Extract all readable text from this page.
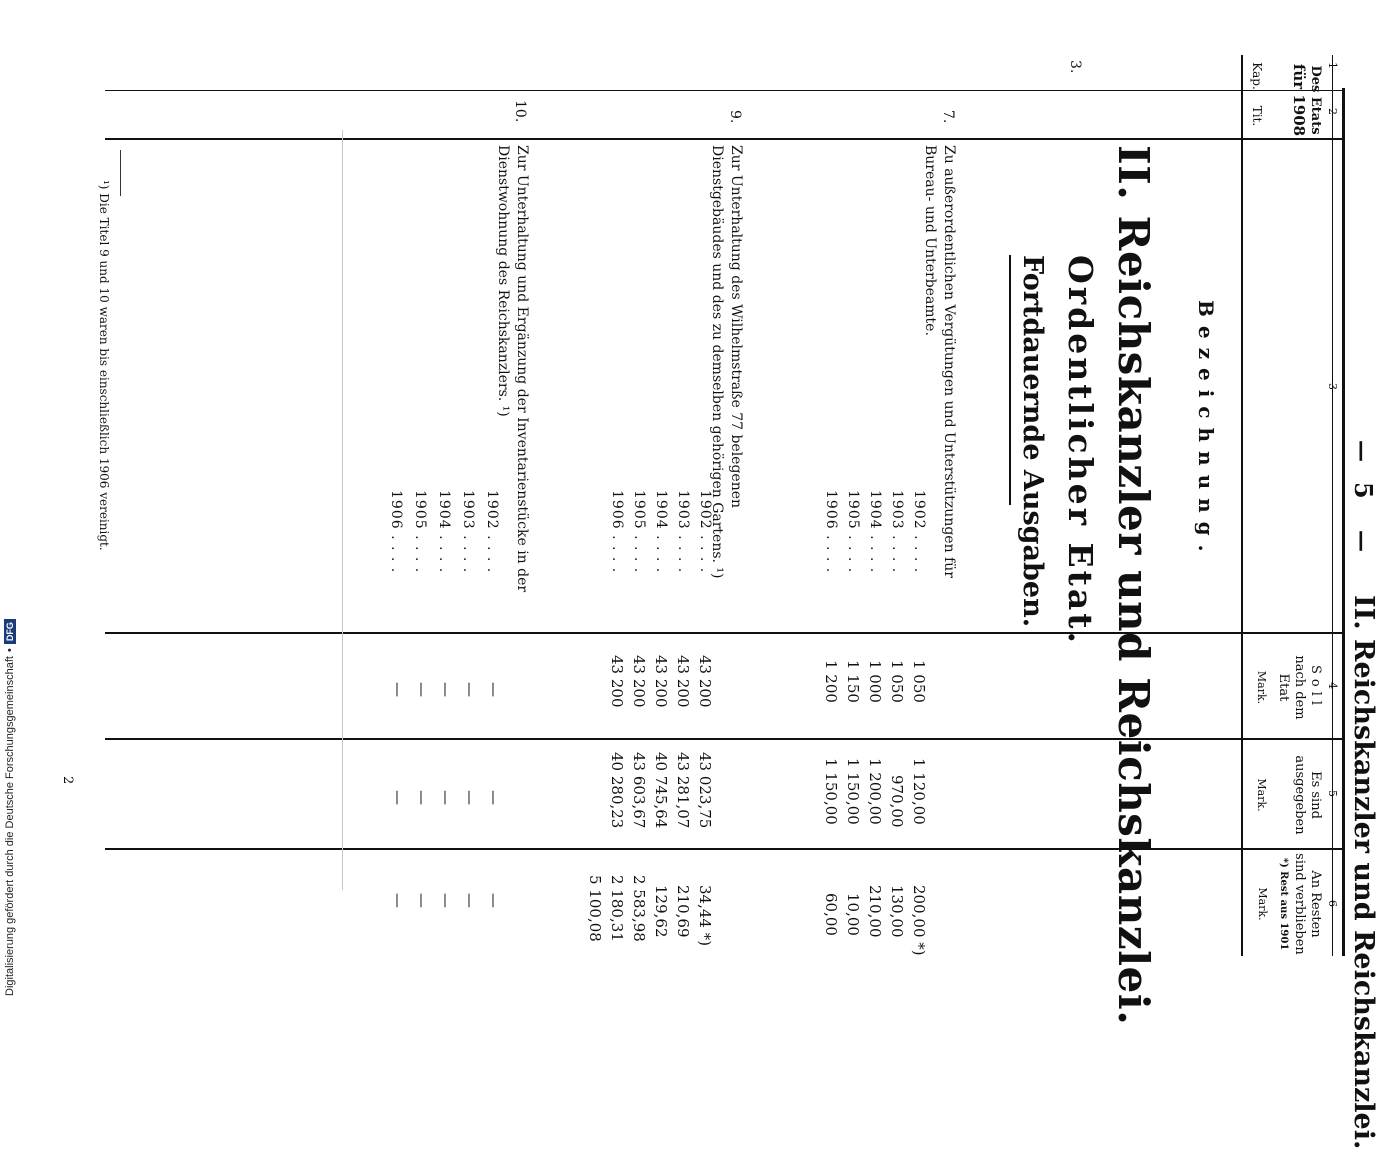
—
5
—
II. Reichskanzler und Reichskanzlei.
1
2
3
4
5
6
Des Etats
für 1908
Kap.
Tit.
Bezeichnung.
Soll
nach dem
Etat
Mark.
Es sind
ausgegeben
Mark.
An Resten
sind verblieben
*) Rest aus 1901
Mark.
3.
II. Reichskanzler und Reichskanzlei.
Ordentlicher Etat.
Fortdauernde Ausgaben.
7.
Zu außerordentlichen Vergütungen und Unterstützungen für Bureau- und Unterbeamte.
1902 . . . .
1 050
1 120,00
200,00 *)
1903 . . . .
1 050
970,00
130,00
1904 . . . .
1 000
1 200,00
210,00
1905 . . . .
1 150
1 150,00
10,00
1906 . . . .
1 200
1 150,00
60,00
9.
Zur Unterhaltung des Wilhelmstraße 77 belegenen Dienstgebäudes und des zu demselben gehörigen Gartens. ¹)
1902 . . . .
43 200
43 023,75
34,44 *)
1903 . . . .
43 200
43 281,07
210,69
1904 . . . .
43 200
40 745,64
129,62
1905 . . . .
43 200
43 603,67
2 583,98
1906 . . . .
43 200
40 280,23
2 180,31
5 100,08
10.
Zur Unterhaltung und Ergänzung der Inventarienstücke in der Dienstwohnung des Reichskanzlers. ¹)
1902 . . . .
1903 . . . .
1904 . . . .
1905 . . . .
1906 . . . .
—
—
—
—
—
—
—
—
—
—
—
—
—
—
—
¹) Die Titel 9 und 10 waren bis einschließlich 1906 vereinigt.
2
Digitalisierung gefördert durch die Deutsche Forschungsgemeinschaft
•
DFG
